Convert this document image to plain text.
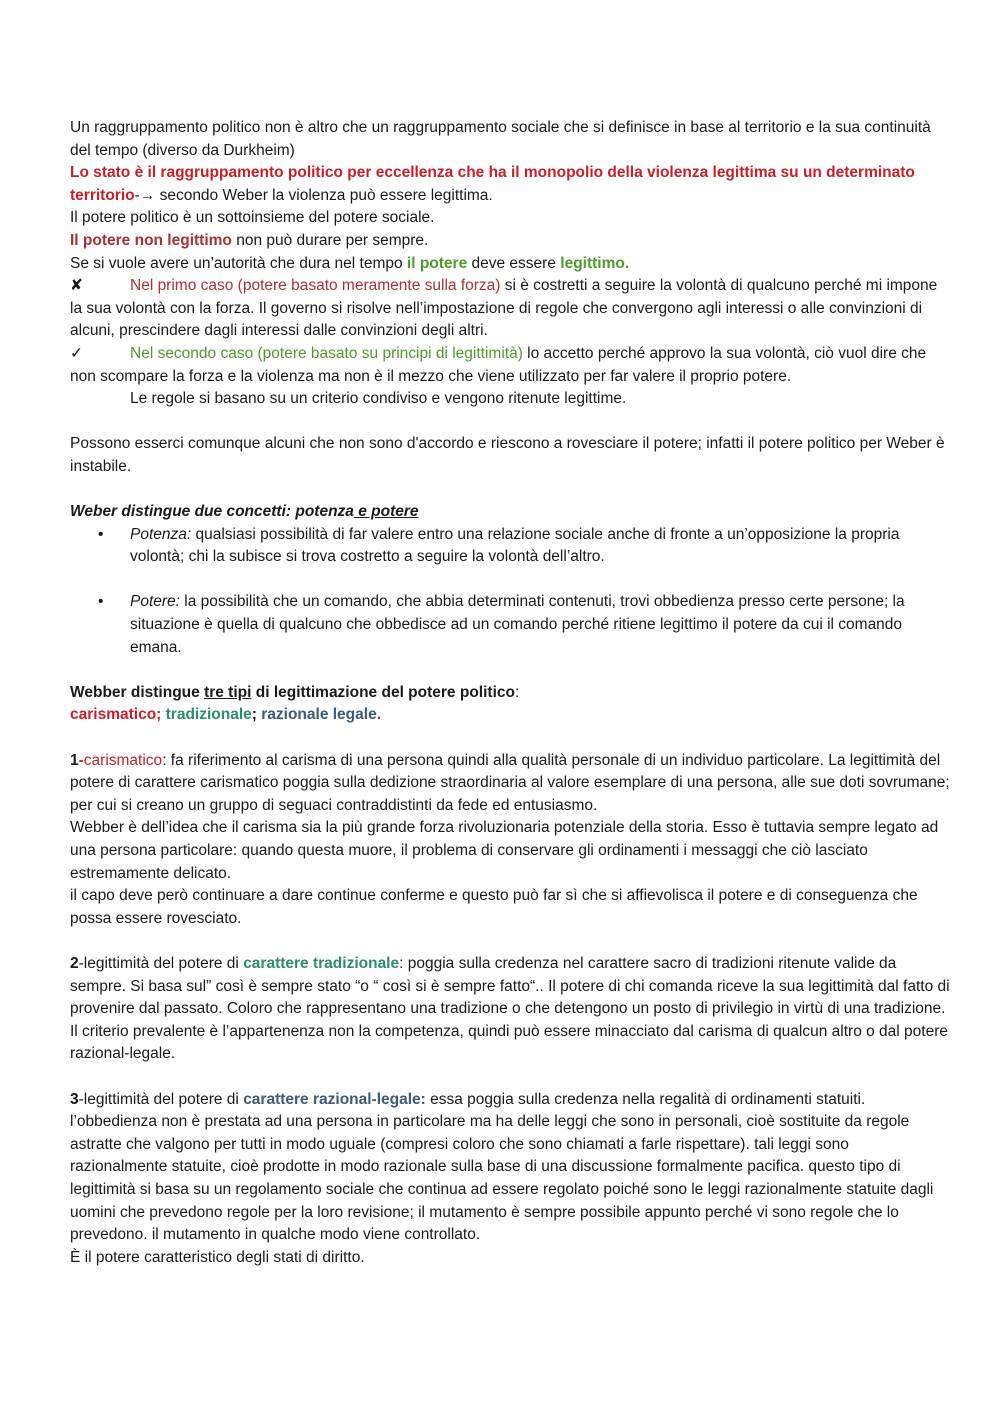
Un raggruppamento politico non è altro che un raggruppamento sociale che si definisce in base al territorio e la sua continuità del tempo (diverso da Durkheim)

Lo stato è il raggruppamento politico per eccellenza che ha il monopolio della violenza legittima su un determinato territorio-→ secondo Weber la violenza può essere legittima.

Il potere politico è un sottoinsieme del potere sociale.

Il potere non legittimo non può durare per sempre.

Se si vuole avere un’autorità che dura nel tempo il potere deve essere legittimo.

✘	Nel primo caso (potere basato meramente sulla forza) si è costretti a seguire la volontà di qualcuno perché mi impone la sua volontà con la forza. Il governo si risolve nell’impostazione di regole che convergono agli interessi o alle convinzioni di alcuni, prescindere dagli interessi dalle convinzioni degli altri.

✓	Nel secondo caso (potere basato su principi di legittimità) lo accetto perché approvo la sua volontà, ciò vuol dire che non scompare la forza e la violenza ma non è il mezzo che viene utilizzato per far valere il proprio potere.

Le regole si basano su un criterio condiviso e vengono ritenute legittime.

Possono esserci comunque alcuni che non sono d'accordo e riescono a rovesciare il potere; infatti il potere politico per Weber è instabile.

Weber distingue due concetti: potenza e potere

• Potenza: qualsiasi possibilità di far valere entro una relazione sociale anche di fronte a un’opposizione la propria volontà; chi la subisce si trova costretto a seguire la volontà dell’altro.

• Potere: la possibilità che un comando, che abbia determinati contenuti, trovi obbedienza presso certe persone; la situazione è quella di qualcuno che obbedisce ad un comando perché ritiene legittimo il potere da cui il comando emana.

Webber distingue tre tipi di legittimazione del potere politico:

carismatico; tradizionale; razionale legale.

1-carismatico: fa riferimento al carisma di una persona quindi alla qualità personale di un individuo particolare. La legittimità del potere di carattere carismatico poggia sulla dedizione straordinaria al valore esemplare di una persona, alle sue doti sovrumane; per cui si creano un gruppo di seguaci contraddistinti da fede ed entusiasmo.

Webber è dell’idea che il carisma sia la più grande forza rivoluzionaria potenziale della storia. Esso è tuttavia sempre legato ad una persona particolare: quando questa muore, il problema di conservare gli ordinamenti i messaggi che ciò lasciato estremamente delicato.

il capo deve però continuare a dare continue conferme e questo può far sì che si affievolisca il potere e di conseguenza che possa essere rovesciato.

2-legittimità del potere di carattere tradizionale: poggia sulla credenza nel carattere sacro di tradizioni ritenute valide da sempre. Si basa sul” così è sempre stato “o “ così si è sempre fatto“.. Il potere di chi comanda riceve la sua legittimità dal fatto di provenire dal passato. Coloro che rappresentano una tradizione o che detengono un posto di privilegio in virtù di una tradizione.

Il criterio prevalente è l’appartenenza non la competenza, quindi può essere minacciato dal carisma di qualcun altro o dal potere razional-legale.

3-legittimità del potere di carattere razional-legale: essa poggia sulla credenza nella regalità di ordinamenti statuiti. l’obbedienza non è prestata ad una persona in particolare ma ha delle leggi che sono in personali, cioè sostituite da regole astratte che valgono per tutti in modo uguale (compresi coloro che sono chiamati a farle rispettare). tali leggi sono razionalmente statuite, cioè prodotte in modo razionale sulla base di una discussione formalmente pacifica. questo tipo di legittimità si basa su un regolamento sociale che continua ad essere regolato poiché sono le leggi razionalmente statuite dagli uomini che prevedono regole per la loro revisione; il mutamento è sempre possibile appunto perché vi sono regole che lo prevedono. il mutamento in qualche modo viene controllato.

È il potere caratteristico degli stati di diritto.
